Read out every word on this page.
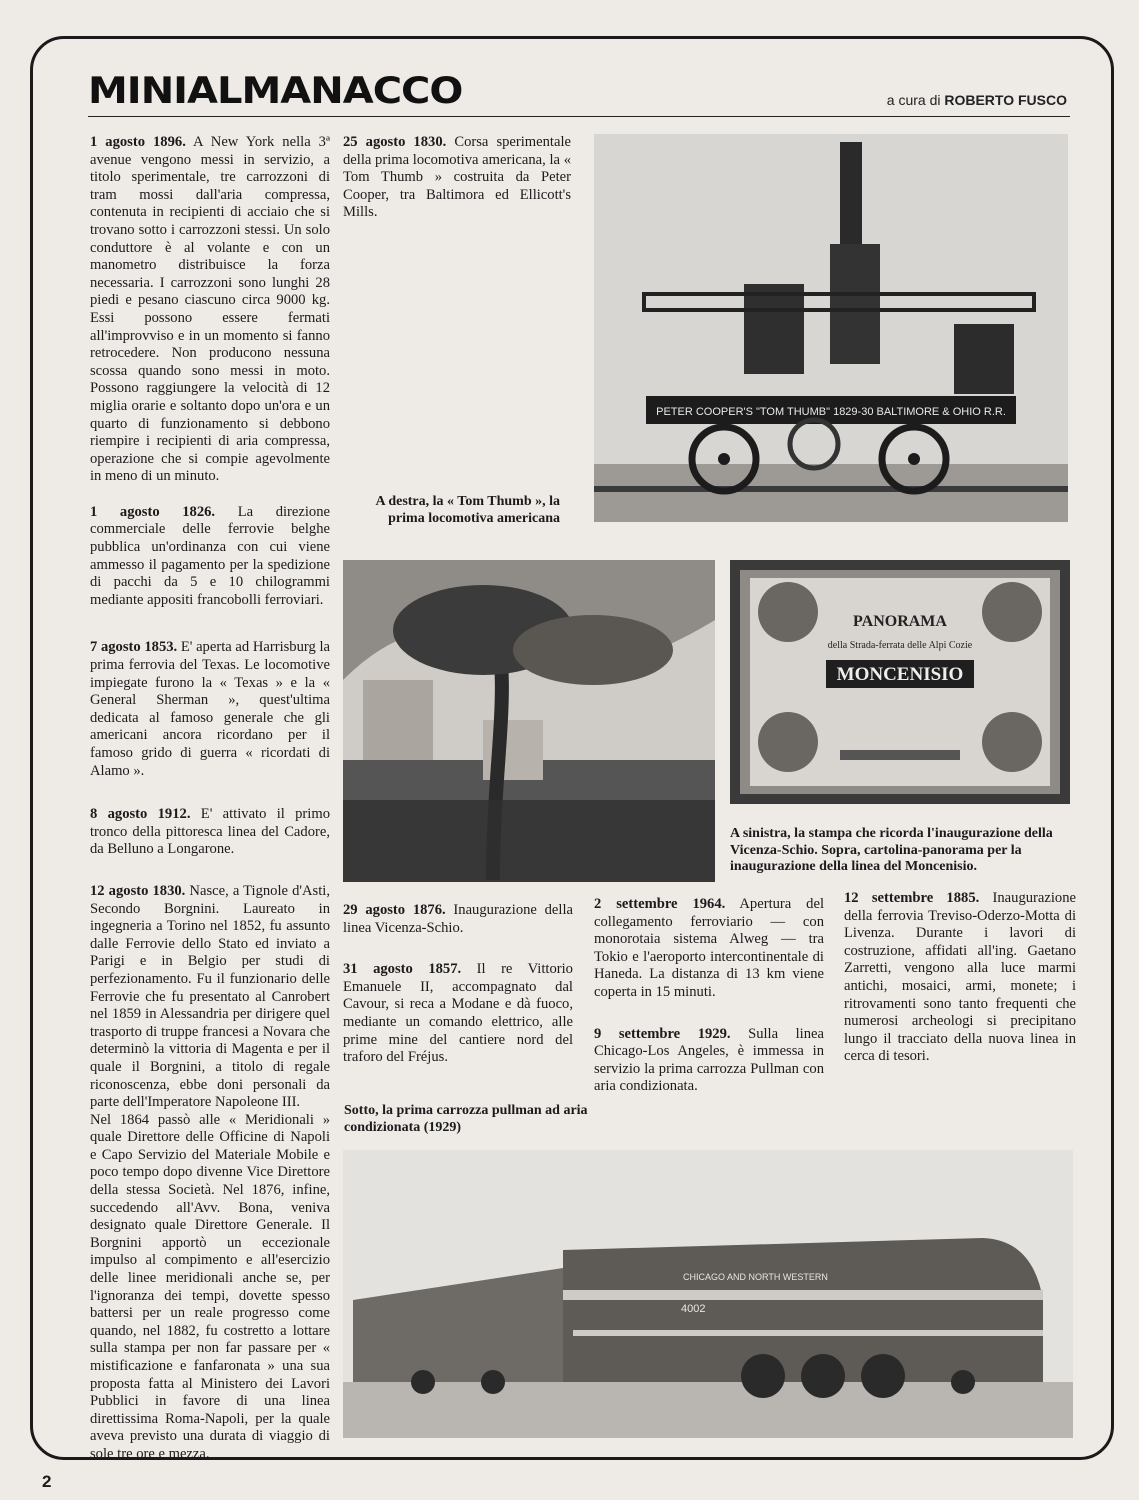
MINIALMANACCO	a cura di ROBERTO FUSCO

1 agosto 1896. A New York nella 3ª avenue vengono messi in servizio, a titolo sperimentale, tre carrozzoni di tram mossi dall'aria compressa, contenuta in recipienti di acciaio che si trovano sotto i carrozzoni stessi. Un solo conduttore è al volante e con un manometro distribuisce la forza necessaria. I carrozzoni sono lunghi 28 piedi e pesano ciascuno circa 9000 kg. Essi possono essere fermati all'improvviso e in un momento si fanno retrocedere. Non producono nessuna scossa quando sono messi in moto. Possono raggiungere la velocità di 12 miglia orarie e soltanto dopo un'ora e un quarto di funzionamento si debbono riempire i recipienti di aria compressa, operazione che si compie agevolmente in meno di un minuto.

1 agosto 1826. La direzione commerciale delle ferrovie belghe pubblica un'ordinanza con cui viene ammesso il pagamento per la spedizione di pacchi da 5 e 10 chilogrammi mediante appositi francobolli ferroviari.

7 agosto 1853. E' aperta ad Harrisburg la prima ferrovia del Texas. Le locomotive impiegate furono la « Texas » e la « General Sherman », quest'ultima dedicata al famoso generale che gli americani ancora ricordano per il famoso grido di guerra « ricordati di Alamo ».

8 agosto 1912. E' attivato il primo tronco della pittoresca linea del Cadore, da Belluno a Longarone.

12 agosto 1830. Nasce, a Tignole d'Asti, Secondo Borgnini. Laureato in ingegneria a Torino nel 1852, fu assunto dalle Ferrovie dello Stato ed inviato a Parigi e in Belgio per studi di perfezionamento. Fu il funzionario delle Ferrovie che fu presentato al Canrobert nel 1859 in Alessandria per dirigere quel trasporto di truppe francesi a Novara che determinò la vittoria di Magenta e per il quale il Borgnini, a titolo di regale riconoscenza, ebbe doni personali da parte dell'Imperatore Napoleone III.

Nel 1864 passò alle « Meridionali » quale Direttore delle Officine di Napoli e Capo Servizio del Materiale Mobile e poco tempo dopo divenne Vice Direttore della stessa Società. Nel 1876, infine, succedendo all'Avv. Bona, veniva designato quale Direttore Generale. Il Borgnini apportò un eccezionale impulso al compimento e all'esercizio delle linee meridionali anche se, per l'ignoranza dei tempi, dovette spesso battersi per un reale progresso come quando, nel 1882, fu costretto a lottare sulla stampa per non far passare per « mistificazione e fanfaronata » una sua proposta fatta al Ministero dei Lavori Pubblici in favore di una linea direttissima Roma-Napoli, per la quale aveva previsto una durata di viaggio di sole tre ore e mezza.

25 agosto 1830. Corsa sperimentale della prima locomotiva americana, la « Tom Thumb » costruita da Peter Cooper, tra Baltimora ed Ellicott's Mills.

A destra, la « Tom Thumb », la prima locomotiva americana
PETER COOPER'S "TOM THUMB" 1829-30 BALTIMORE & OHIO R.R.
PANORAMA
della Strada-ferrata delle Alpi Cozie
MONCENISIO
A sinistra, la stampa che ricorda l'inaugurazione della Vicenza-Schio. Sopra, cartolina-panorama per la inaugurazione della linea del Moncenisio.

29 agosto 1876. Inaugurazione della linea Vicenza-Schio.

31 agosto 1857. Il re Vittorio Emanuele II, accompagnato dal Cavour, si reca a Modane e dà fuoco, mediante un comando elettrico, alle prime mine del cantiere nord del traforo del Fréjus.

2 settembre 1964. Apertura del collegamento ferroviario — con monorotaia sistema Alweg — tra Tokio e l'aeroporto intercontinentale di Haneda. La distanza di 13 km viene coperta in 15 minuti.

9 settembre 1929. Sulla linea Chicago-Los Angeles, è immessa in servizio la prima carrozza Pullman con aria condizionata.

12 settembre 1885. Inaugurazione della ferrovia Treviso-Oderzo-Motta di Livenza. Durante i lavori di costruzione, affidati all'ing. Gaetano Zarretti, vengono alla luce marmi antichi, mosaici, armi, monete; i ritrovamenti sono tanto frequenti che numerosi archeologi si precipitano lungo il tracciato della nuova linea in cerca di tesori.

Sotto, la prima carrozza pullman ad aria condizionata (1929)
CHICAGO AND NORTH WESTERN
4002
2
